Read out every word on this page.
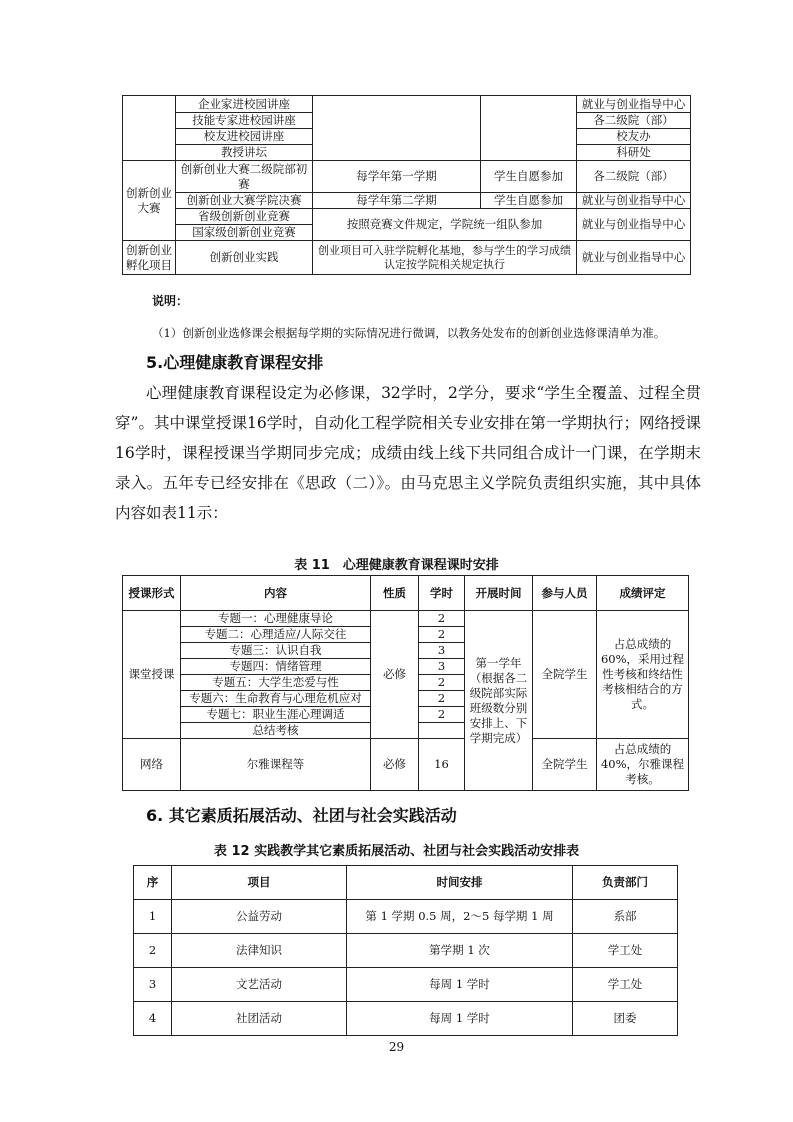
	企业家进校园讲座			就业与创业指导中心
	技能专家进校园讲座			各二级院（部）
	校友进校园讲座			校友办
	教授讲坛			科研处
创新创业大赛	创新创业大赛二级院部初赛	每学年第一学期	学生自愿参加	各二级院（部）
	创新创业大赛学院决赛	每学年第二学期	学生自愿参加	就业与创业指导中心
	省级创新创业竞赛	按照竞赛文件规定，学院统一组队参加		就业与创业指导中心
	国家级创新创业竞赛			
创新创业孵化项目	创新创业实践	创业项目可入驻学院孵化基地，参与学生的学习成绩认定按学院相关规定执行		就业与创业指导中心
说明：
（1）创新创业选修课会根据每学期的实际情况进行微调，以教务处发布的创新创业选修课清单为准。
5.心理健康教育课程安排

心理健康教育课程设定为必修课，32学时，2学分，要求“学生全覆盖、过程全贯穿”。其中课堂授课16学时，自动化工程学院相关专业安排在第一学期执行；网络授课16学时，课程授课当学期同步完成；成绩由线上线下共同组合成计一门课，在学期末录入。五年专已经安排在《思政（二）》。由马克思主义学院负责组织实施，其中具体内容如表11示：

表 11　心理健康教育课程课时安排
授课形式	内容	性质	学时	开展时间	参与人员	成绩评定
课堂授课	专题一：心理健康导论	必修	2	第一学年（根据各二级院部实际班级数分别安排上、下学期完成）	全院学生	占总成绩的60%，采用过程性考核和终结性考核相结合的方式。
	专题二：心理适应/人际交往		2			
	专题三：认识自我		3			
	专题四：情绪管理		3			
	专题五：大学生恋爱与性		2			
	专题六：生命教育与心理危机应对		2			
	专题七：职业生涯心理调适		2			
	总结考核					
网络	尔雅课程等	必修	16		全院学生	占总成绩的40%，尔雅课程考核。
6. 其它素质拓展活动、社团与社会实践活动
表 12 实践教学其它素质拓展活动、社团与社会实践活动安排表
序	项目	时间安排	负责部门
1	公益劳动	第 1 学期 0.5 周，2～5 每学期 1 周	系部
2	法律知识	第学期 1 次	学工处
3	文艺活动	每周 1 学时	学工处
4	社团活动	每周 1 学时	团委
29
